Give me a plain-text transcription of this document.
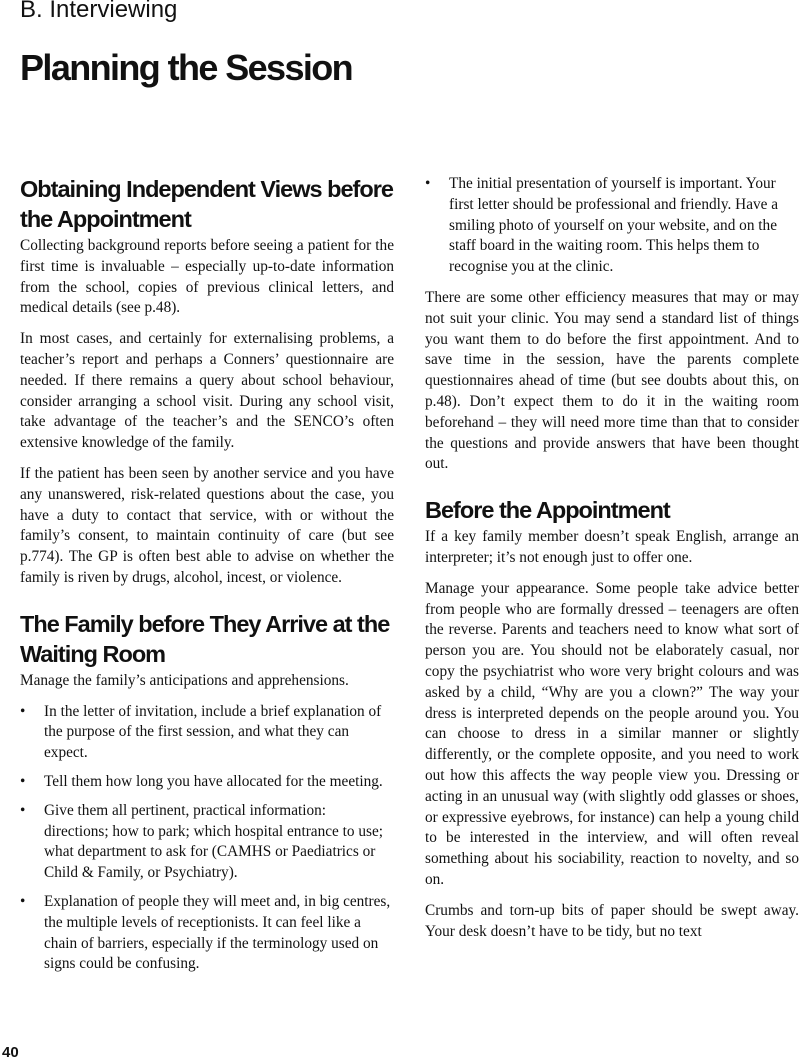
B. Interviewing
Planning the Session
Obtaining Independent Views before the Appointment

Collecting background reports before seeing a patient for the first time is invaluable – especially up-to-date information from the school, copies of previous clinical letters, and medical details (see p.48).

In most cases, and certainly for externalising problems, a teacher’s report and perhaps a Conners’ questionnaire are needed. If there remains a query about school behaviour, consider arranging a school visit. During any school visit, take advantage of the teacher’s and the SENCO’s often extensive knowledge of the family.

If the patient has been seen by another service and you have any unanswered, risk-related questions about the case, you have a duty to contact that service, with or without the family’s consent, to maintain continuity of care (but see p.774). The GP is often best able to advise on whether the family is riven by drugs, alcohol, incest, or violence.

The Family before They Arrive at the Waiting Room

Manage the family’s anticipations and apprehensions.

•	In the letter of invitation, include a brief explanation of the purpose of the first session, and what they can expect.
•	Tell them how long you have allocated for the meeting.
•	Give them all pertinent, practical information: directions; how to park; which hospital entrance to use; what department to ask for (CAMHS or Paediatrics or Child & Family, or Psychiatry).
•	Explanation of people they will meet and, in big centres, the multiple levels of receptionists. It can feel like a chain of barriers, especially if the terminology used on signs could be confusing.
•	The initial presentation of yourself is important. Your first letter should be professional and friendly. Have a smiling photo of yourself on your website, and on the staff board in the waiting room. This helps them to recognise you at the clinic.

There are some other efficiency measures that may or may not suit your clinic. You may send a standard list of things you want them to do before the first appointment. And to save time in the session, have the parents complete questionnaires ahead of time (but see doubts about this, on p.48). Don’t expect them to do it in the waiting room beforehand – they will need more time than that to consider the questions and provide answers that have been thought out.

Before the Appointment

If a key family member doesn’t speak English, arrange an interpreter; it’s not enough just to offer one.

Manage your appearance. Some people take advice better from people who are formally dressed – teenagers are often the reverse. Parents and teachers need to know what sort of person you are. You should not be elaborately casual, nor copy the psychiatrist who wore very bright colours and was asked by a child, “Why are you a clown?” The way your dress is interpreted depends on the people around you. You can choose to dress in a similar manner or slightly differently, or the complete opposite, and you need to work out how this affects the way people view you. Dressing or acting in an unusual way (with slightly odd glasses or shoes, or expressive eyebrows, for instance) can help a young child to be interested in the interview, and will often reveal something about his sociability, reaction to novelty, and so on.

Crumbs and torn-up bits of paper should be swept away. Your desk doesn’t have to be tidy, but no text

40
